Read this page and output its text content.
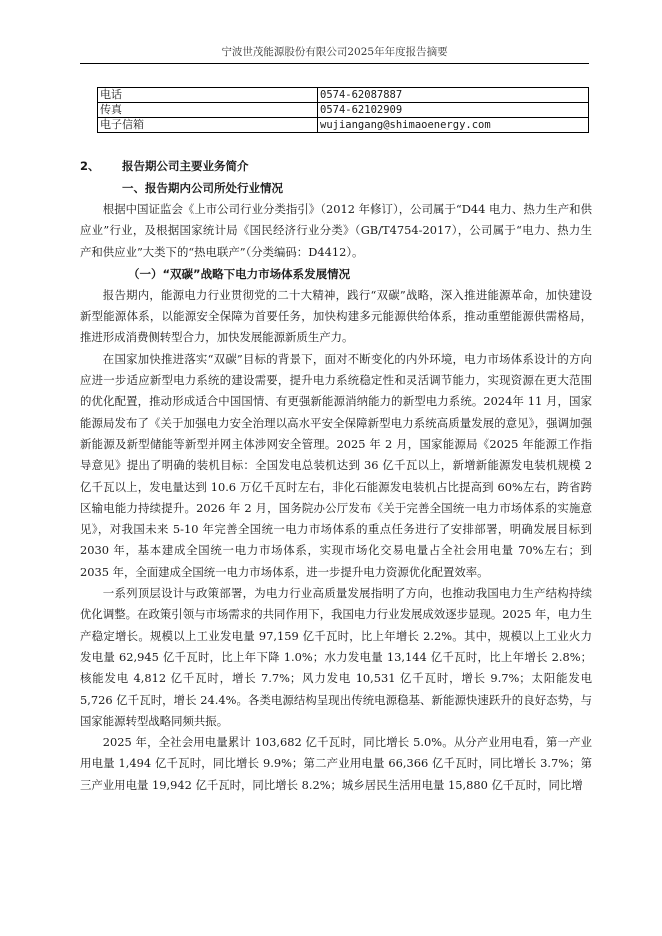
宁波世茂能源股份有限公司2025年年度报告摘要
电话	0574-62087887
传真	0574-62102909
电子信箱	wujiangang@shimaoenergy.com
2、 报告期公司主要业务简介
一、报告期内公司所处行业情况

根据中国证监会《上市公司行业分类指引》（2012 年修订），公司属于“D44 电力、热力生产和供应业”行业，及根据国家统计局《国民经济行业分类》（GB/T4754-2017），公司属于“电力、热力生产和供应业”大类下的“热电联产”（分类编码：D4412）。

（一）“双碳”战略下电力市场体系发展情况

报告期内，能源电力行业贯彻党的二十大精神，践行“双碳”战略，深入推进能源革命，加快建设新型能源体系，以能源安全保障为首要任务，加快构建多元能源供给体系，推动重塑能源供需格局，推进形成消费侧转型合力，加快发展能源新质生产力。

在国家加快推进落实“双碳”目标的背景下，面对不断变化的内外环境，电力市场体系设计的方向应进一步适应新型电力系统的建设需要，提升电力系统稳定性和灵活调节能力，实现资源在更大范围的优化配置，推动形成适合中国国情、有更强新能源消纳能力的新型电力系统。2024年 11 月，国家能源局发布了《关于加强电力安全治理以高水平安全保障新型电力系统高质量发展的意见》，强调加强新能源及新型储能等新型并网主体涉网安全管理。2025 年 2 月，国家能源局《2025 年能源工作指导意见》提出了明确的装机目标：全国发电总装机达到 36 亿千瓦以上，新增新能源发电装机规模 2 亿千瓦以上，发电量达到 10.6 万亿千瓦时左右，非化石能源发电装机占比提高到 60%左右，跨省跨区输电能力持续提升。2026 年 2 月，国务院办公厅发布《关于完善全国统一电力市场体系的实施意见》，对我国未来 5-10 年完善全国统一电力市场体系的重点任务进行了安排部署，明确发展目标到 2030 年，基本建成全国统一电力市场体系，实现市场化交易电量占全社会用电量 70%左右；到 2035 年，全面建成全国统一电力市场体系，进一步提升电力资源优化配置效率。

一系列顶层设计与政策部署，为电力行业高质量发展指明了方向，也推动我国电力生产结构持续优化调整。在政策引领与市场需求的共同作用下，我国电力行业发展成效逐步显现。2025 年，电力生产稳定增长。规模以上工业发电量 97,159 亿千瓦时，比上年增长 2.2%。其中，规模以上工业火力发电量 62,945 亿千瓦时，比上年下降 1.0%；水力发电量 13,144 亿千瓦时，比上年增长 2.8%；核能发电 4,812 亿千瓦时，增长 7.7%；风力发电 10,531 亿千瓦时，增长 9.7%；太阳能发电 5,726 亿千瓦时，增长 24.4%。各类电源结构呈现出传统电源稳基、新能源快速跃升的良好态势，与国家能源转型战略同频共振。

2025 年，全社会用电量累计 103,682 亿千瓦时，同比增长 5.0%。从分产业用电看，第一产业用电量 1,494 亿千瓦时，同比增长 9.9%；第二产业用电量 66,366 亿千瓦时，同比增长 3.7%；第三产业用电量 19,942 亿千瓦时，同比增长 8.2%；城乡居民生活用电量 15,880 亿千瓦时，同比增
